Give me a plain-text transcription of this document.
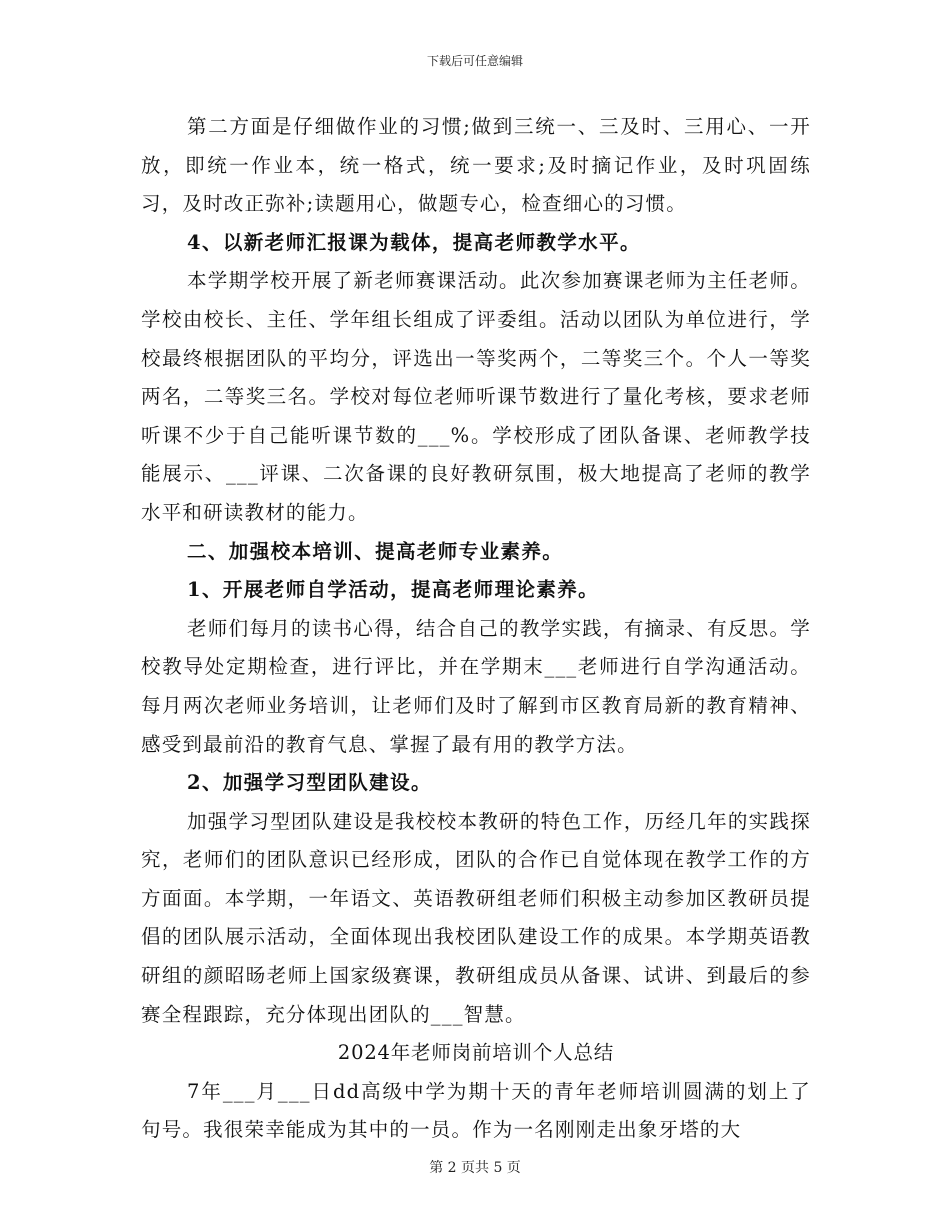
下载后可任意编辑

第二方面是仔细做作业的习惯;做到三统一、三及时、三用心、一开放，即统一作业本，统一格式，统一要求;及时摘记作业，及时巩固练习，及时改正弥补;读题用心，做题专心，检查细心的习惯。

4、以新老师汇报课为载体，提高老师教学水平。

本学期学校开展了新老师赛课活动。此次参加赛课老师为主任老师。学校由校长、主任、学年组长组成了评委组。活动以团队为单位进行，学校最终根据团队的平均分，评选出一等奖两个，二等奖三个。个人一等奖两名，二等奖三名。学校对每位老师听课节数进行了量化考核，要求老师听课不少于自己能听课节数的___%。学校形成了团队备课、老师教学技能展示、___评课、二次备课的良好教研氛围，极大地提高了老师的教学水平和研读教材的能力。

二、加强校本培训、提高老师专业素养。

1、开展老师自学活动，提高老师理论素养。

老师们每月的读书心得，结合自己的教学实践，有摘录、有反思。学校教导处定期检查，进行评比，并在学期末___老师进行自学沟通活动。每月两次老师业务培训，让老师们及时了解到市区教育局新的教育精神、感受到最前沿的教育气息、掌握了最有用的教学方法。

2、加强学习型团队建设。

加强学习型团队建设是我校校本教研的特色工作，历经几年的实践探究，老师们的团队意识已经形成，团队的合作已自觉体现在教学工作的方方面面。本学期，一年语文、英语教研组老师们积极主动参加区教研员提倡的团队展示活动，全面体现出我校团队建设工作的成果。本学期英语教研组的颜昭旸老师上国家级赛课，教研组成员从备课、试讲、到最后的参赛全程跟踪，充分体现出团队的___智慧。

2024年老师岗前培训个人总结

7年___月___日dd高级中学为期十天的青年老师培训圆满的划上了句号。我很荣幸能成为其中的一员。作为一名刚刚走出象牙塔的大

第 2 页共 5 页
